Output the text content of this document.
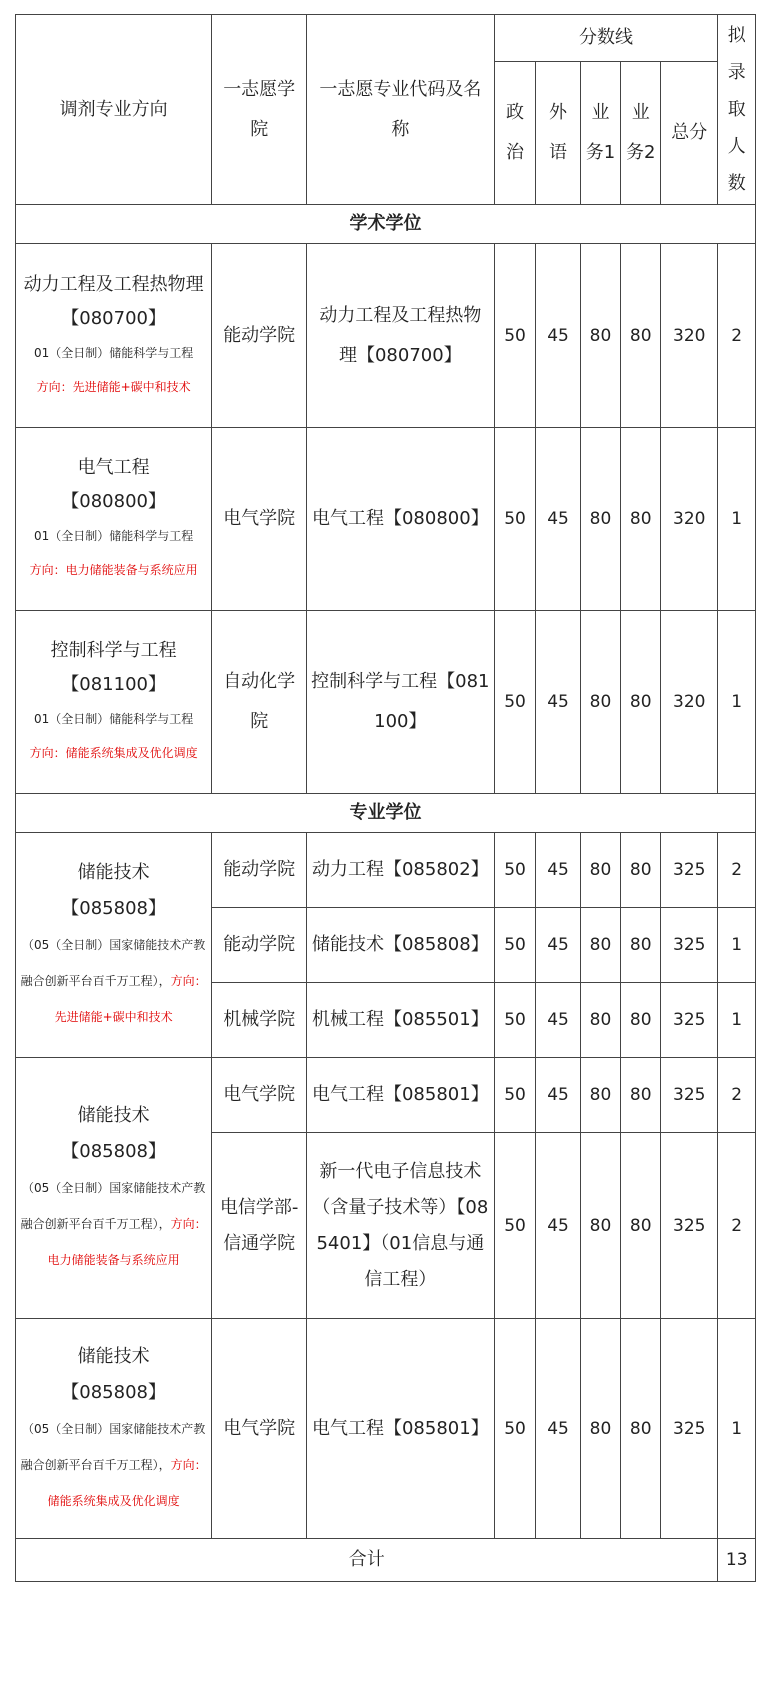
调剂专业方向	一志愿学院	一志愿专业代码及名称	分数线					拟录取人数
			政治	外语	业务1	业务2	总分	
学术学位								

动力工程及工程热物理
【080700】
01（全日制）储能科学与工程
方向：先进储能+碳中和技术	能动学院	动力工程及工程热物理【080700】	50	45	80	80	320	2

电气工程
【080800】
01（全日制）储能科学与工程
方向：电力储能装备与系统应用	电气学院	电气工程【080800】	50	45	80	80	320	1

控制科学与工程
【081100】
01（全日制）储能科学与工程
方向：储能系统集成及优化调度	自动化学院	控制科学与工程【081100】	50	45	80	80	320	1
专业学位								

储能技术
【085808】
（05（全日制）国家储能技术产教融合创新平台百千万工程），方向：先进储能+碳中和技术	能动学院	动力工程【085802】	50	45	80	80	325	2
	能动学院	储能技术【085808】	50	45	80	80	325	1
	机械学院	机械工程【085501】	50	45	80	80	325	1

储能技术
【085808】
（05（全日制）国家储能技术产教融合创新平台百千万工程），方向：电力储能装备与系统应用	电气学院	电气工程【085801】	50	45	80	80	325	2
	电信学部-信通学院	新一代电子信息技术（含量子技术等）【085401】（01信息与通信工程）	50	45	80	80	325	2

储能技术
【085808】
（05（全日制）国家储能技术产教融合创新平台百千万工程），方向：储能系统集成及优化调度	电气学院	电气工程【085801】	50	45	80	80	325	1
合计								13
